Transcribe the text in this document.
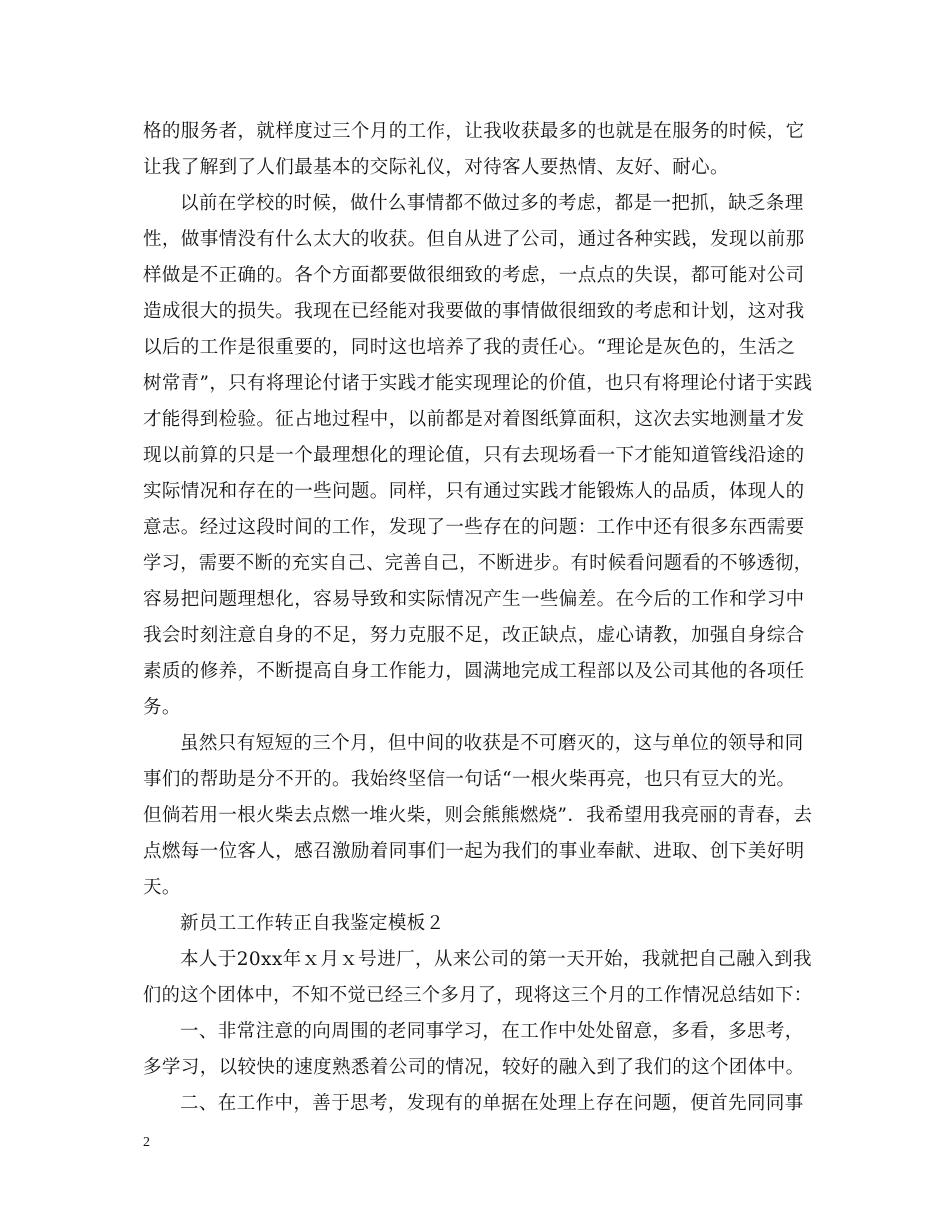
格的服务者，就样度过三个月的工作，让我收获最多的也就是在服务的时候，它
让我了解到了人们最基本的交际礼仪，对待客人要热情、友好、耐心。
以前在学校的时候，做什么事情都不做过多的考虑，都是一把抓，缺乏条理
性，做事情没有什么太大的收获。但自从进了公司，通过各种实践，发现以前那
样做是不正确的。各个方面都要做很细致的考虑，一点点的失误，都可能对公司
造成很大的损失。我现在已经能对我要做的事情做很细致的考虑和计划，这对我
以后的工作是很重要的，同时这也培养了我的责任心。“理论是灰色的，生活之
树常青”，只有将理论付诸于实践才能实现理论的价值，也只有将理论付诸于实践
才能得到检验。征占地过程中，以前都是对着图纸算面积，这次去实地测量才发
现以前算的只是一个最理想化的理论值，只有去现场看一下才能知道管线沿途的
实际情况和存在的一些问题。同样，只有通过实践才能锻炼人的品质，体现人的
意志。经过这段时间的工作，发现了一些存在的问题：工作中还有很多东西需要
学习，需要不断的充实自己、完善自己，不断进步。有时候看问题看的不够透彻，
容易把问题理想化，容易导致和实际情况产生一些偏差。在今后的工作和学习中
我会时刻注意自身的不足，努力克服不足，改正缺点，虚心请教，加强自身综合
素质的修养，不断提高自身工作能力，圆满地完成工程部以及公司其他的各项任
务。
虽然只有短短的三个月，但中间的收获是不可磨灭的，这与单位的领导和同
事们的帮助是分不开的。我始终坚信一句话“一根火柴再亮，也只有豆大的光。
但倘若用一根火柴去点燃一堆火柴，则会熊熊燃烧”．我希望用我亮丽的青春，去
点燃每一位客人，感召激励着同事们一起为我们的事业奉献、进取、创下美好明
天。
新员工工作转正自我鉴定模板２
本人于20xx年ｘ月ｘ号进厂，从来公司的第一天开始，我就把自己融入到我
们的这个团体中，不知不觉已经三个多月了，现将这三个月的工作情况总结如下：
一、非常注意的向周围的老同事学习，在工作中处处留意，多看，多思考，
多学习，以较快的速度熟悉着公司的情况，较好的融入到了我们的这个团体中。
二、在工作中，善于思考，发现有的单据在处理上存在问题，便首先同同事
2
